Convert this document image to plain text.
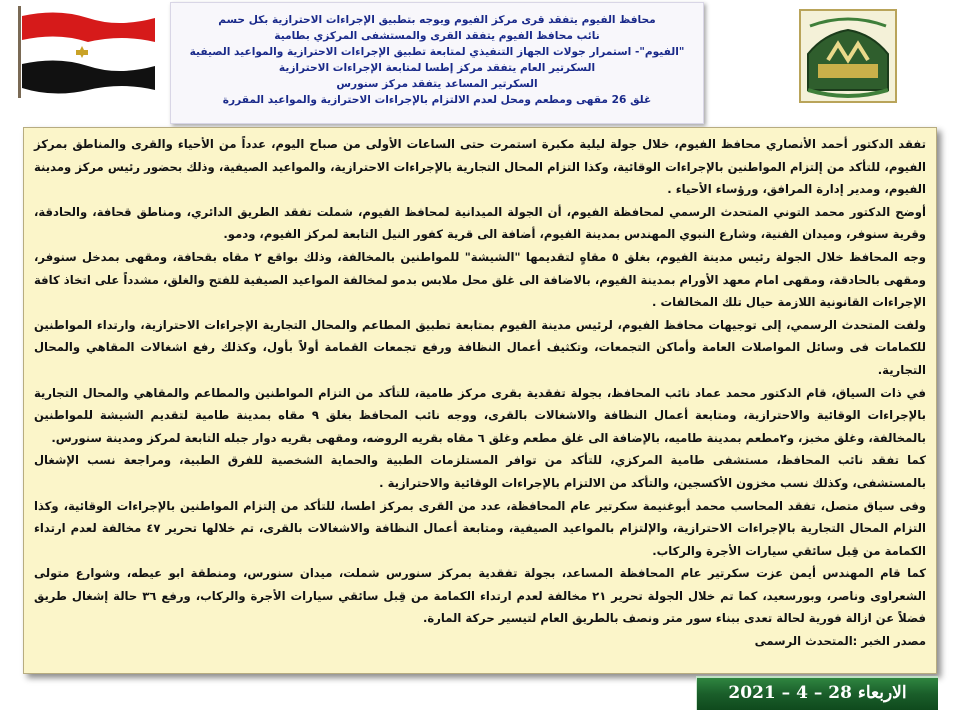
محافظ الفيوم يتفقد قرى مركز الفيوم ويوجه بتطبيق الإجراءات الاحترازية بكل حسم
نائب محافظ الفيوم يتفقد القرى والمستشفى المركزي بطامية
"الفيوم"- استمرار جولات الجهاز التنفيذي لمتابعة تطبيق الإجراءات الاحترازية والمواعيد الصيفية
السكرتير العام يتفقد مركز إطسا لمتابعة الإجراءات الاحترازية
السكرتير المساعد يتفقد مركز سنورس
غلق 26 مقهى ومطعم ومحل لعدم الالتزام بالإجراءات الاحترازية والمواعيد المقررة

تفقد الدكتور أحمد الأنصاري محافظ الفيوم، خلال جولة ليلية مكبرة استمرت حتى الساعات الأولى من صباح اليوم، عدداً من الأحياء والقرى والمناطق بمركز الفيوم، للتأكد من إلتزام المواطنين بالإجراءات الوقائية، وكذا التزام المحال التجارية بالإجراءات الاحترازية، والمواعيد الصيفية، وذلك بحضور رئيس مركز ومدينة الفيوم، ومدير إدارة المرافق، ورؤساء الأحياء .

أوضح الدكتور محمد التوني المتحدث الرسمي لمحافظة الفيوم، أن الجولة الميدانية لمحافظ الفيوم، شملت تفقد الطريق الدائري، ومناطق قحافة، والحادقة، وقرية سنوفر، وميدان الفنية، وشارع النبوي المهندس بمدينة الفيوم، أضافة الى قرية كفور النيل التابعة لمركز الفيوم، ودمو.

وجه المحافظ خلال الجولة رئيس مدينة الفيوم، بغلق ٥ مقاهٍ لتقديمها "الشيشة" للمواطنين بالمخالفة، وذلك بواقع ٢ مقاه بقحافة، ومقهى بمدخل سنوفر، ومقهى بالحادقة، ومقهى امام معهد الأورام بمدينة الفيوم، بالاضافة الى غلق محل ملابس بدمو لمخالفة المواعيد الصيفية للفتح والغلق، مشدداً على اتخاذ كافة الإجراءات القانونية اللازمة حيال تلك المخالفات .

ولفت المتحدث الرسمي، إلى توجيهات محافظ الفيوم، لرئيس مدينة الفيوم بمتابعة تطبيق المطاعم والمحال التجارية الإجراءات الاحترازية، وارتداء المواطنين للكمامات فى وسائل المواصلات العامة وأماكن التجمعات، وتكثيف أعمال النظافة ورفع تجمعات القمامة أولاً بأول، وكذلك رفع اشغالات المقاهي والمحال التجارية.

في ذات السياق، قام الدكتور محمد عماد نائب المحافظ، بجولة تفقدية بقرى مركز طامية، للتأكد من التزام المواطنين والمطاعم والمقاهي والمحال التجارية بالإجراءات الوقائية والاحترازية، ومتابعة أعمال النظافة والاشغالات بالقرى، ووجه نائب المحافظ بغلق ٩ مقاه بمدينة طامية لتقديم الشيشة للمواطنين بالمخالفة، وغلق مخبز، و٢مطعم بمدينة طاميه، بالإضافة الى غلق مطعم وغلق ٦ مقاه بقريه الروضه، ومقهى بقريه دوار جبله التابعة لمركز ومدينة سنورس.

كما تفقد نائب المحافظ، مستشفى طامية المركزي، للتأكد من توافر المستلزمات الطبية والحماية الشخصية للفرق الطبية، ومراجعة نسب الإشغال بالمستشفى، وكذلك نسب مخزون الأكسجين، والتأكد من الالتزام بالإجراءات الوقائية والاحترازية .

وفى سياق متصل، تفقد المحاسب محمد أبوغنيمة سكرتير عام المحافظة، عدد من القرى بمركز اطسا، للتأكد من إلتزام المواطنين بالإجراءات الوقائية، وكذا التزام المحال التجارية بالإجراءات الاحترازية، والإلتزام بالمواعيد الصيفية، ومتابعة أعمال النظافة والاشغالات بالقرى، تم خلالها تحرير ٤٧ مخالفة لعدم ارتداء الكمامة من قِبل سائقي سيارات الأجرة والركاب.

كما قام المهندس أيمن عزت سكرتير عام المحافظة المساعد، بجولة تفقدية بمركز سنورس شملت، ميدان سنورس، ومنطقة ابو عيطه، وشوارع متولى الشعراوى وناصر، وبورسعيد، كما تم خلال الجولة تحرير ٢١ مخالفة لعدم ارتداء الكمامة من قِبل سائقي سيارات الأجرة والركاب، ورفع ٣٦ حالة إشغال طريق فضلاً عن ازالة فورية لحالة تعدى ببناء سور متر ونصف بالطريق العام لتيسير حركة المارة.

مصدر الخبر :المتحدث الرسمى

الاربعاء 28 – 4 – 2021
